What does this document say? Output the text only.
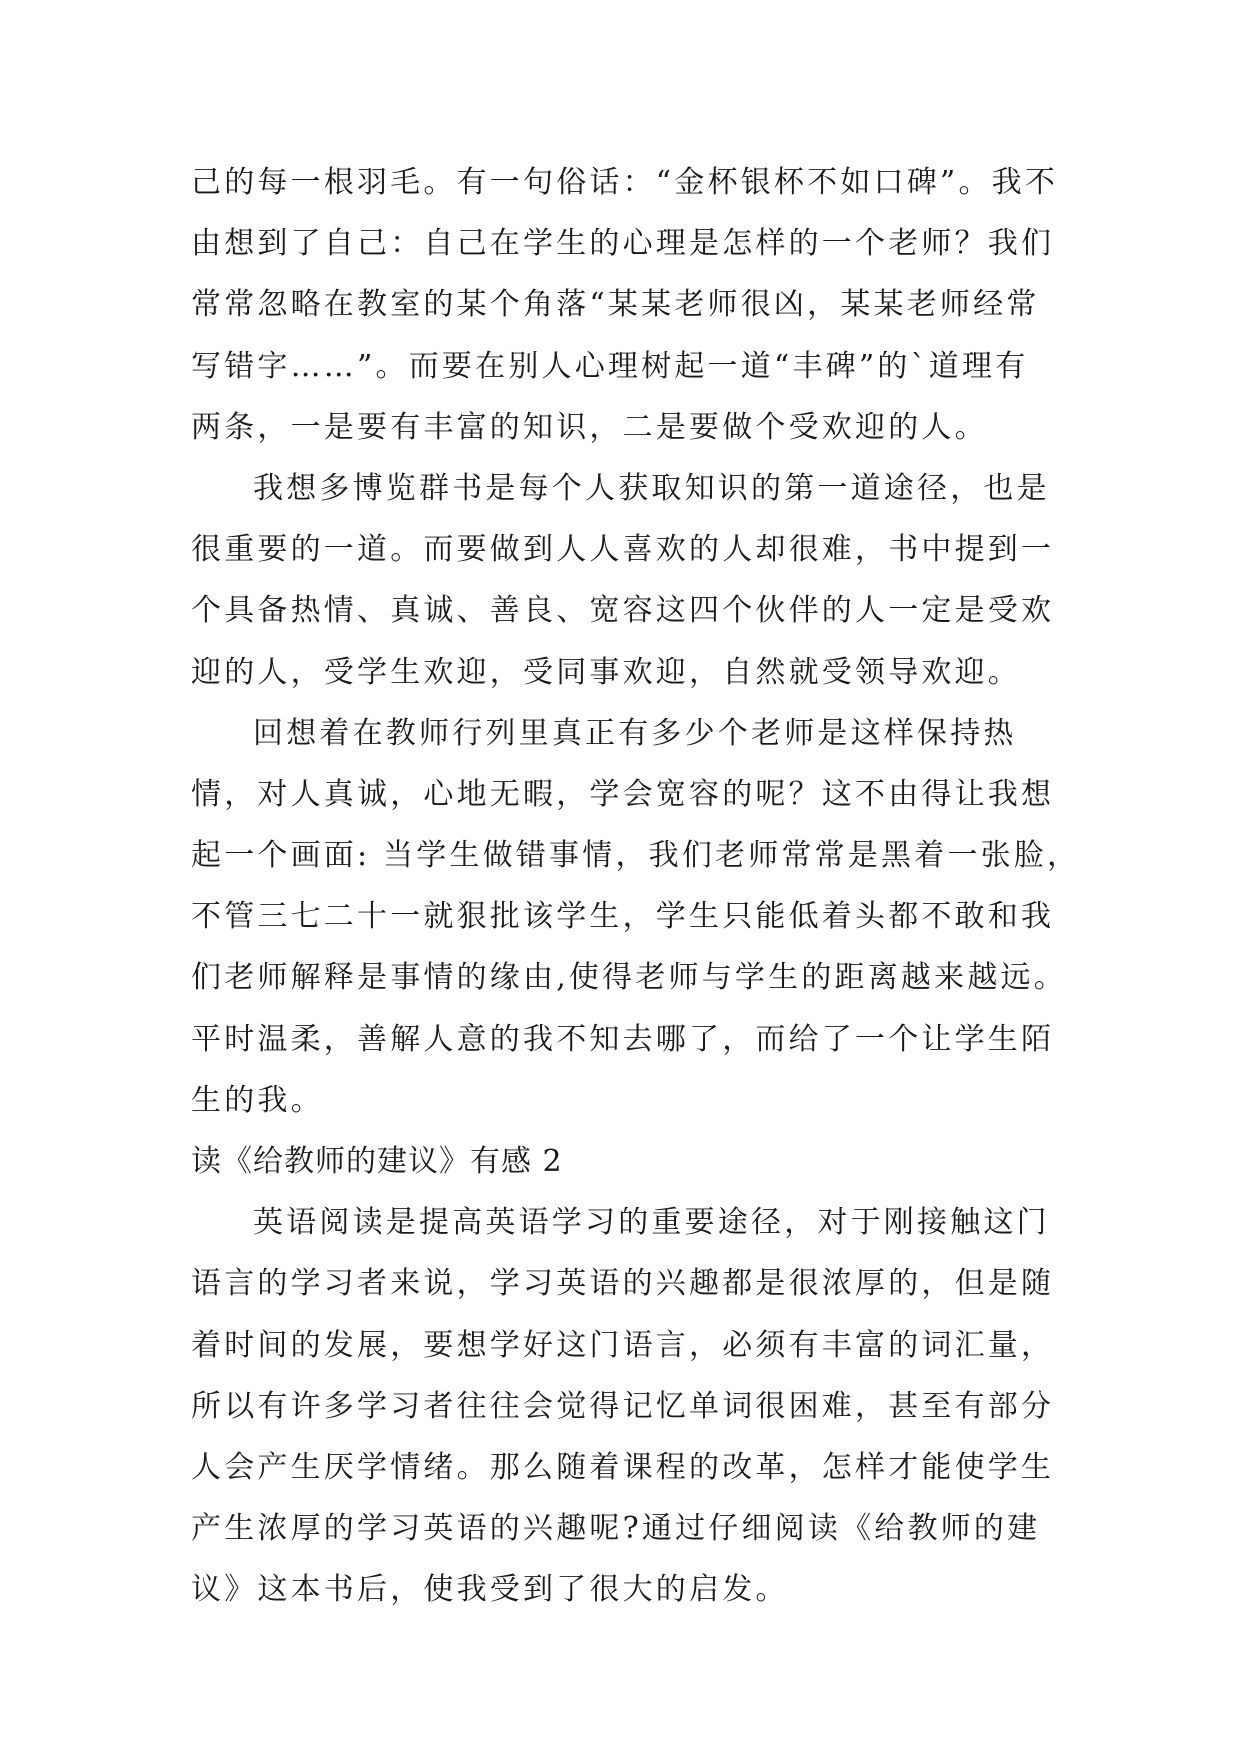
己的每一根羽毛。有一句俗话：“金杯银杯不如口碑”。我不
由想到了自己：自己在学生的心理是怎样的一个老师？我们
常常忽略在教室的某个角落“某某老师很凶，某某老师经常
写错字……”。而要在别人心理树起一道“丰碑”的`道理有
两条，一是要有丰富的知识，二是要做个受欢迎的人。
我想多博览群书是每个人获取知识的第一道途径，也是
很重要的一道。而要做到人人喜欢的人却很难，书中提到一
个具备热情、真诚、善良、宽容这四个伙伴的人一定是受欢
迎的人，受学生欢迎，受同事欢迎，自然就受领导欢迎。
回想着在教师行列里真正有多少个老师是这样保持热
情，对人真诚，心地无暇，学会宽容的呢？这不由得让我想
起一个画面: 当学生做错事情，我们老师常常是黑着一张脸，
不管三七二十一就狠批该学生，学生只能低着头都不敢和我
们老师解释是事情的缘由,使得老师与学生的距离越来越远。
平时温柔，善解人意的我不知去哪了，而给了一个让学生陌
生的我。
读《给教师的建议》有感 2
英语阅读是提高英语学习的重要途径，对于刚接触这门
语言的学习者来说，学习英语的兴趣都是很浓厚的，但是随
着时间的发展，要想学好这门语言，必须有丰富的词汇量，
所以有许多学习者往往会觉得记忆单词很困难，甚至有部分
人会产生厌学情绪。那么随着课程的改革，怎样才能使学生
产生浓厚的学习英语的兴趣呢?通过仔细阅读《给教师的建
议》这本书后，使我受到了很大的启发。
